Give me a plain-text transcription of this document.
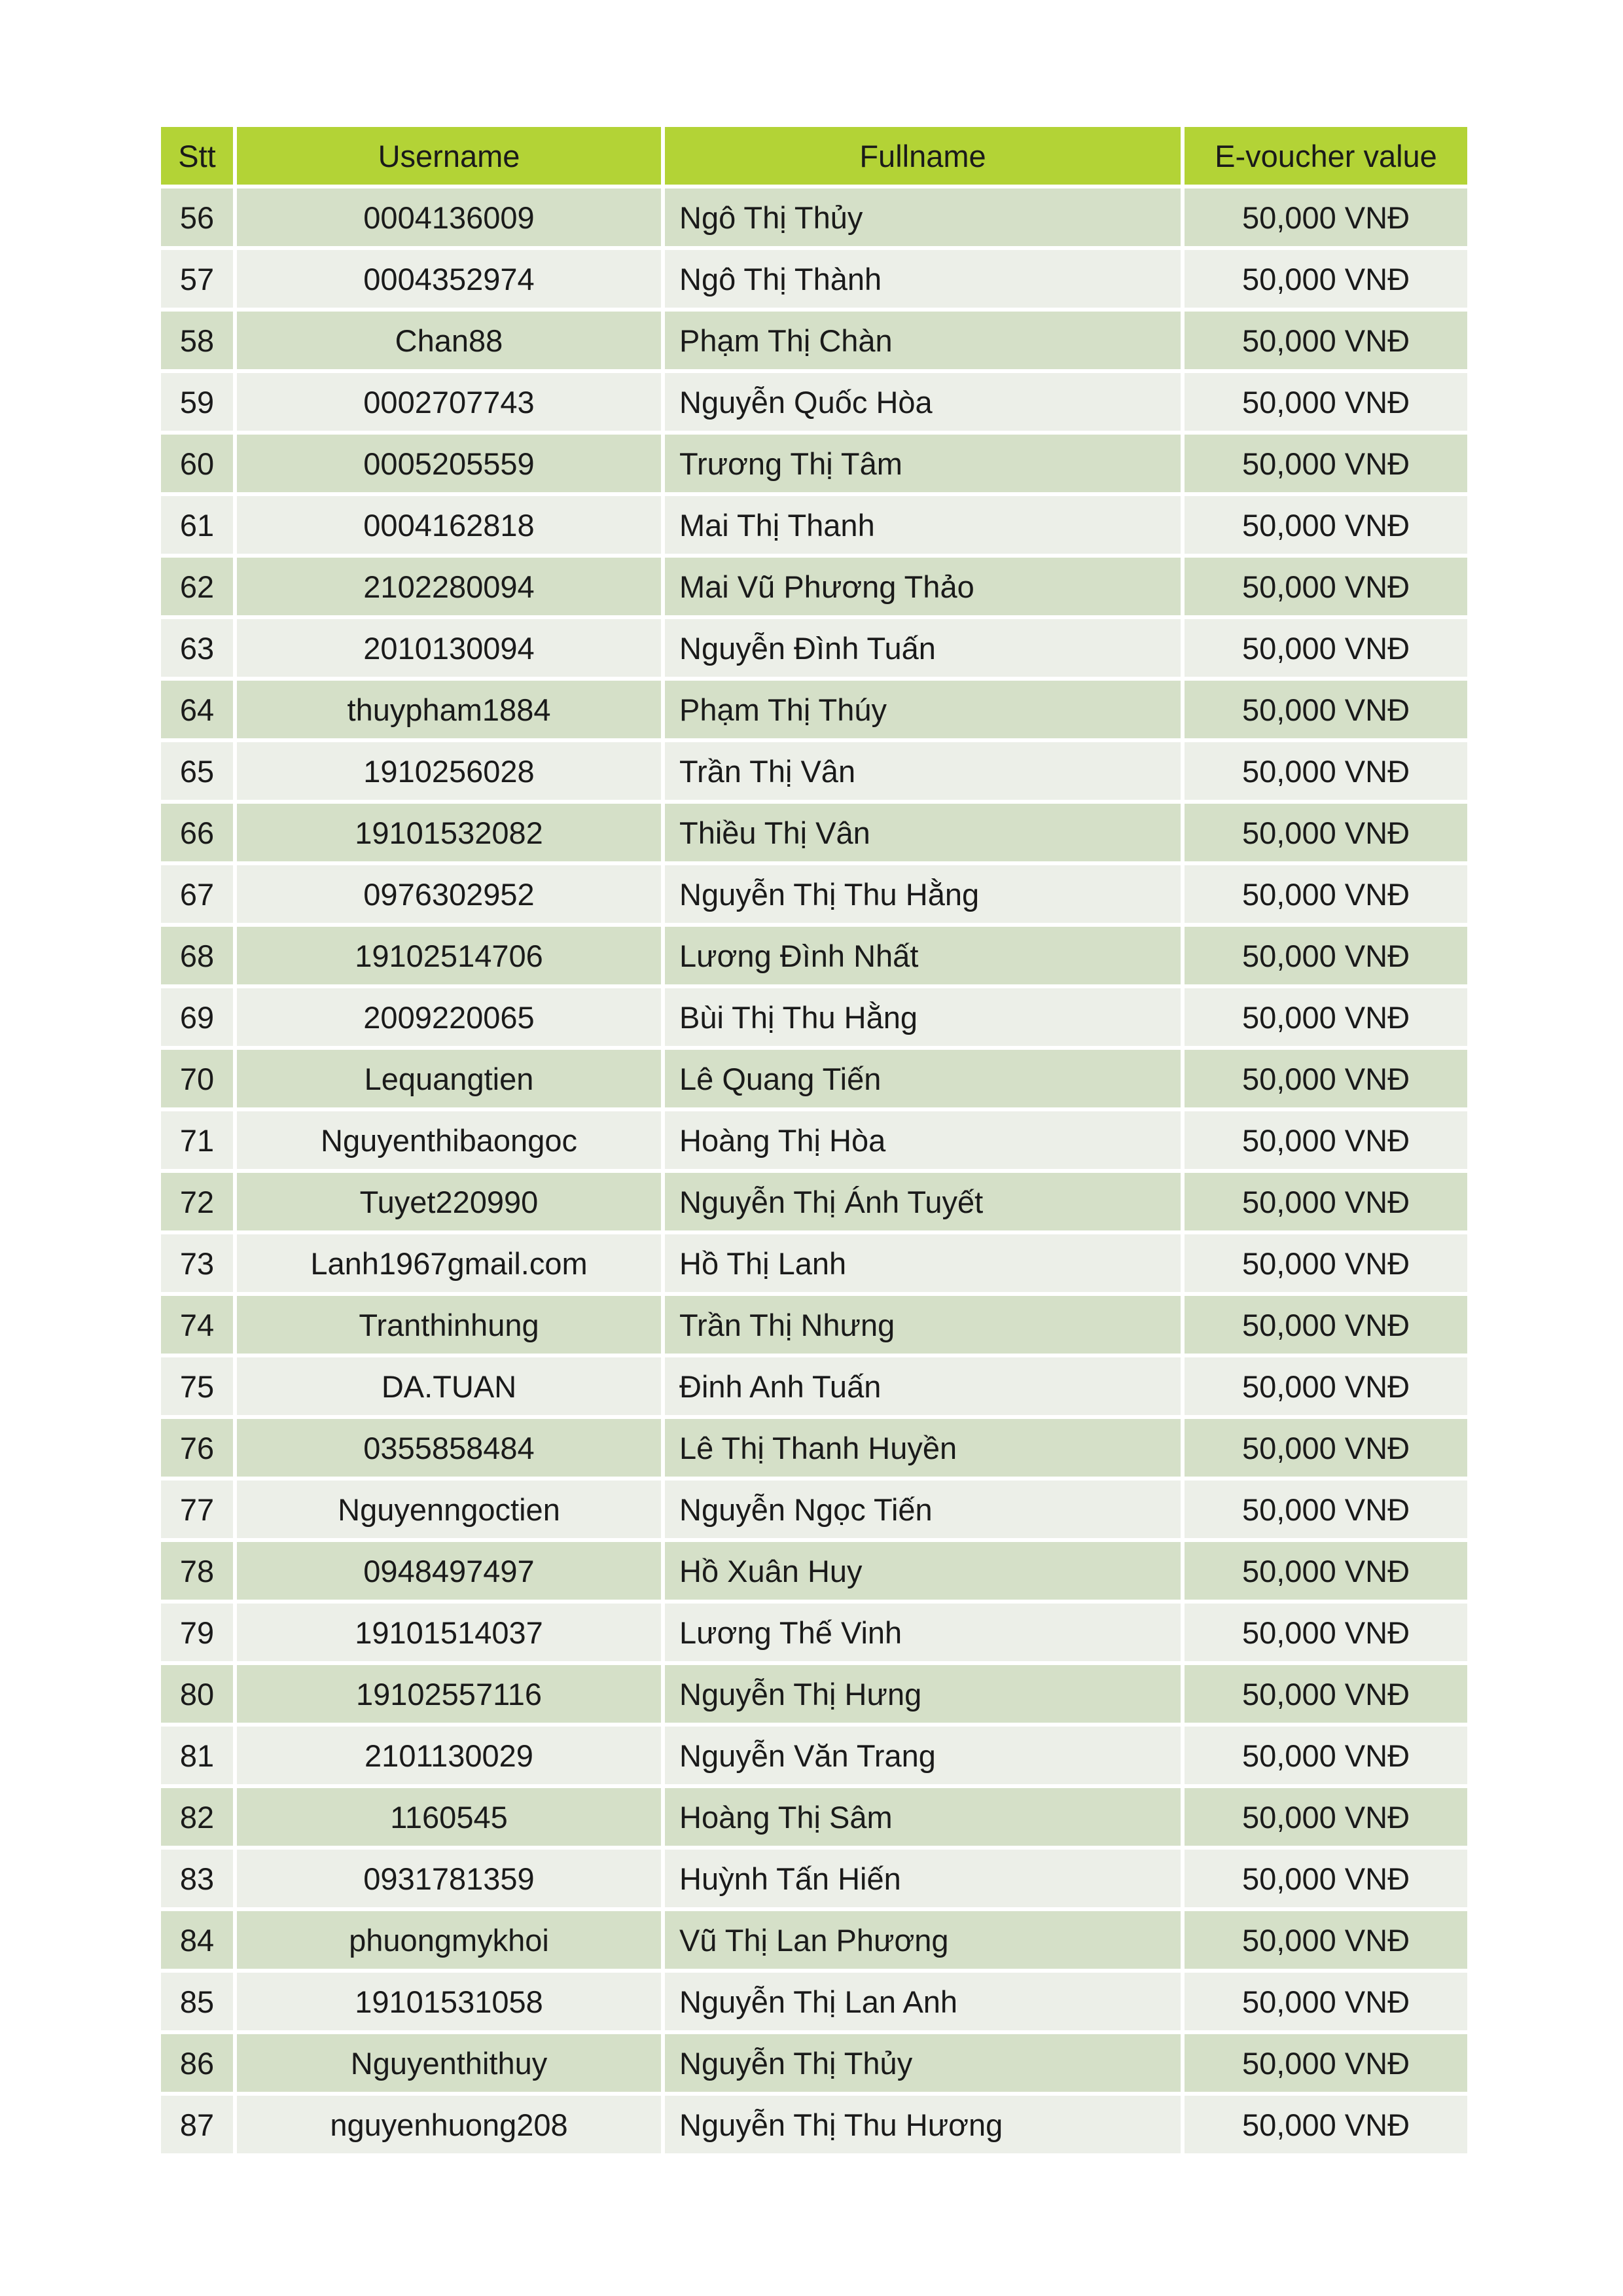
Stt	Username	Fullname	E-voucher value
56	0004136009	Ngô Thị Thủy	50,000 VNĐ
57	0004352974	Ngô Thị Thành	50,000 VNĐ
58	Chan88	Phạm Thị Chàn	50,000 VNĐ
59	0002707743	Nguyễn Quốc Hòa	50,000 VNĐ
60	0005205559	Trương Thị Tâm	50,000 VNĐ
61	0004162818	Mai Thị Thanh	50,000 VNĐ
62	2102280094	Mai Vũ Phương Thảo	50,000 VNĐ
63	2010130094	Nguyễn Đình Tuấn	50,000 VNĐ
64	thuypham1884	Phạm Thị Thúy	50,000 VNĐ
65	1910256028	Trần Thị Vân	50,000 VNĐ
66	19101532082	Thiều Thị Vân	50,000 VNĐ
67	0976302952	Nguyễn Thị Thu Hằng	50,000 VNĐ
68	19102514706	Lương Đình Nhất	50,000 VNĐ
69	2009220065	Bùi Thị Thu Hằng	50,000 VNĐ
70	Lequangtien	Lê Quang Tiến	50,000 VNĐ
71	Nguyenthibaongoc	Hoàng Thị Hòa	50,000 VNĐ
72	Tuyet220990	Nguyễn Thị Ánh Tuyết	50,000 VNĐ
73	Lanh1967gmail.com	Hồ Thị Lanh	50,000 VNĐ
74	Tranthinhung	Trần Thị Nhưng	50,000 VNĐ
75	DA.TUAN	Đinh Anh Tuấn	50,000 VNĐ
76	0355858484	Lê Thị Thanh Huyền	50,000 VNĐ
77	Nguyenngoctien	Nguyễn Ngọc Tiến	50,000 VNĐ
78	0948497497	Hồ Xuân Huy	50,000 VNĐ
79	19101514037	Lương Thế Vinh	50,000 VNĐ
80	19102557116	Nguyễn Thị Hưng	50,000 VNĐ
81	2101130029	Nguyễn Văn Trang	50,000 VNĐ
82	1160545	Hoàng Thị Sâm	50,000 VNĐ
83	0931781359	Huỳnh Tấn Hiến	50,000 VNĐ
84	phuongmykhoi	Vũ Thị Lan Phương	50,000 VNĐ
85	19101531058	Nguyễn Thị Lan Anh	50,000 VNĐ
86	Nguyenthithuy	Nguyễn Thị Thủy	50,000 VNĐ
87	nguyenhuong208	Nguyễn Thị Thu Hương	50,000 VNĐ
